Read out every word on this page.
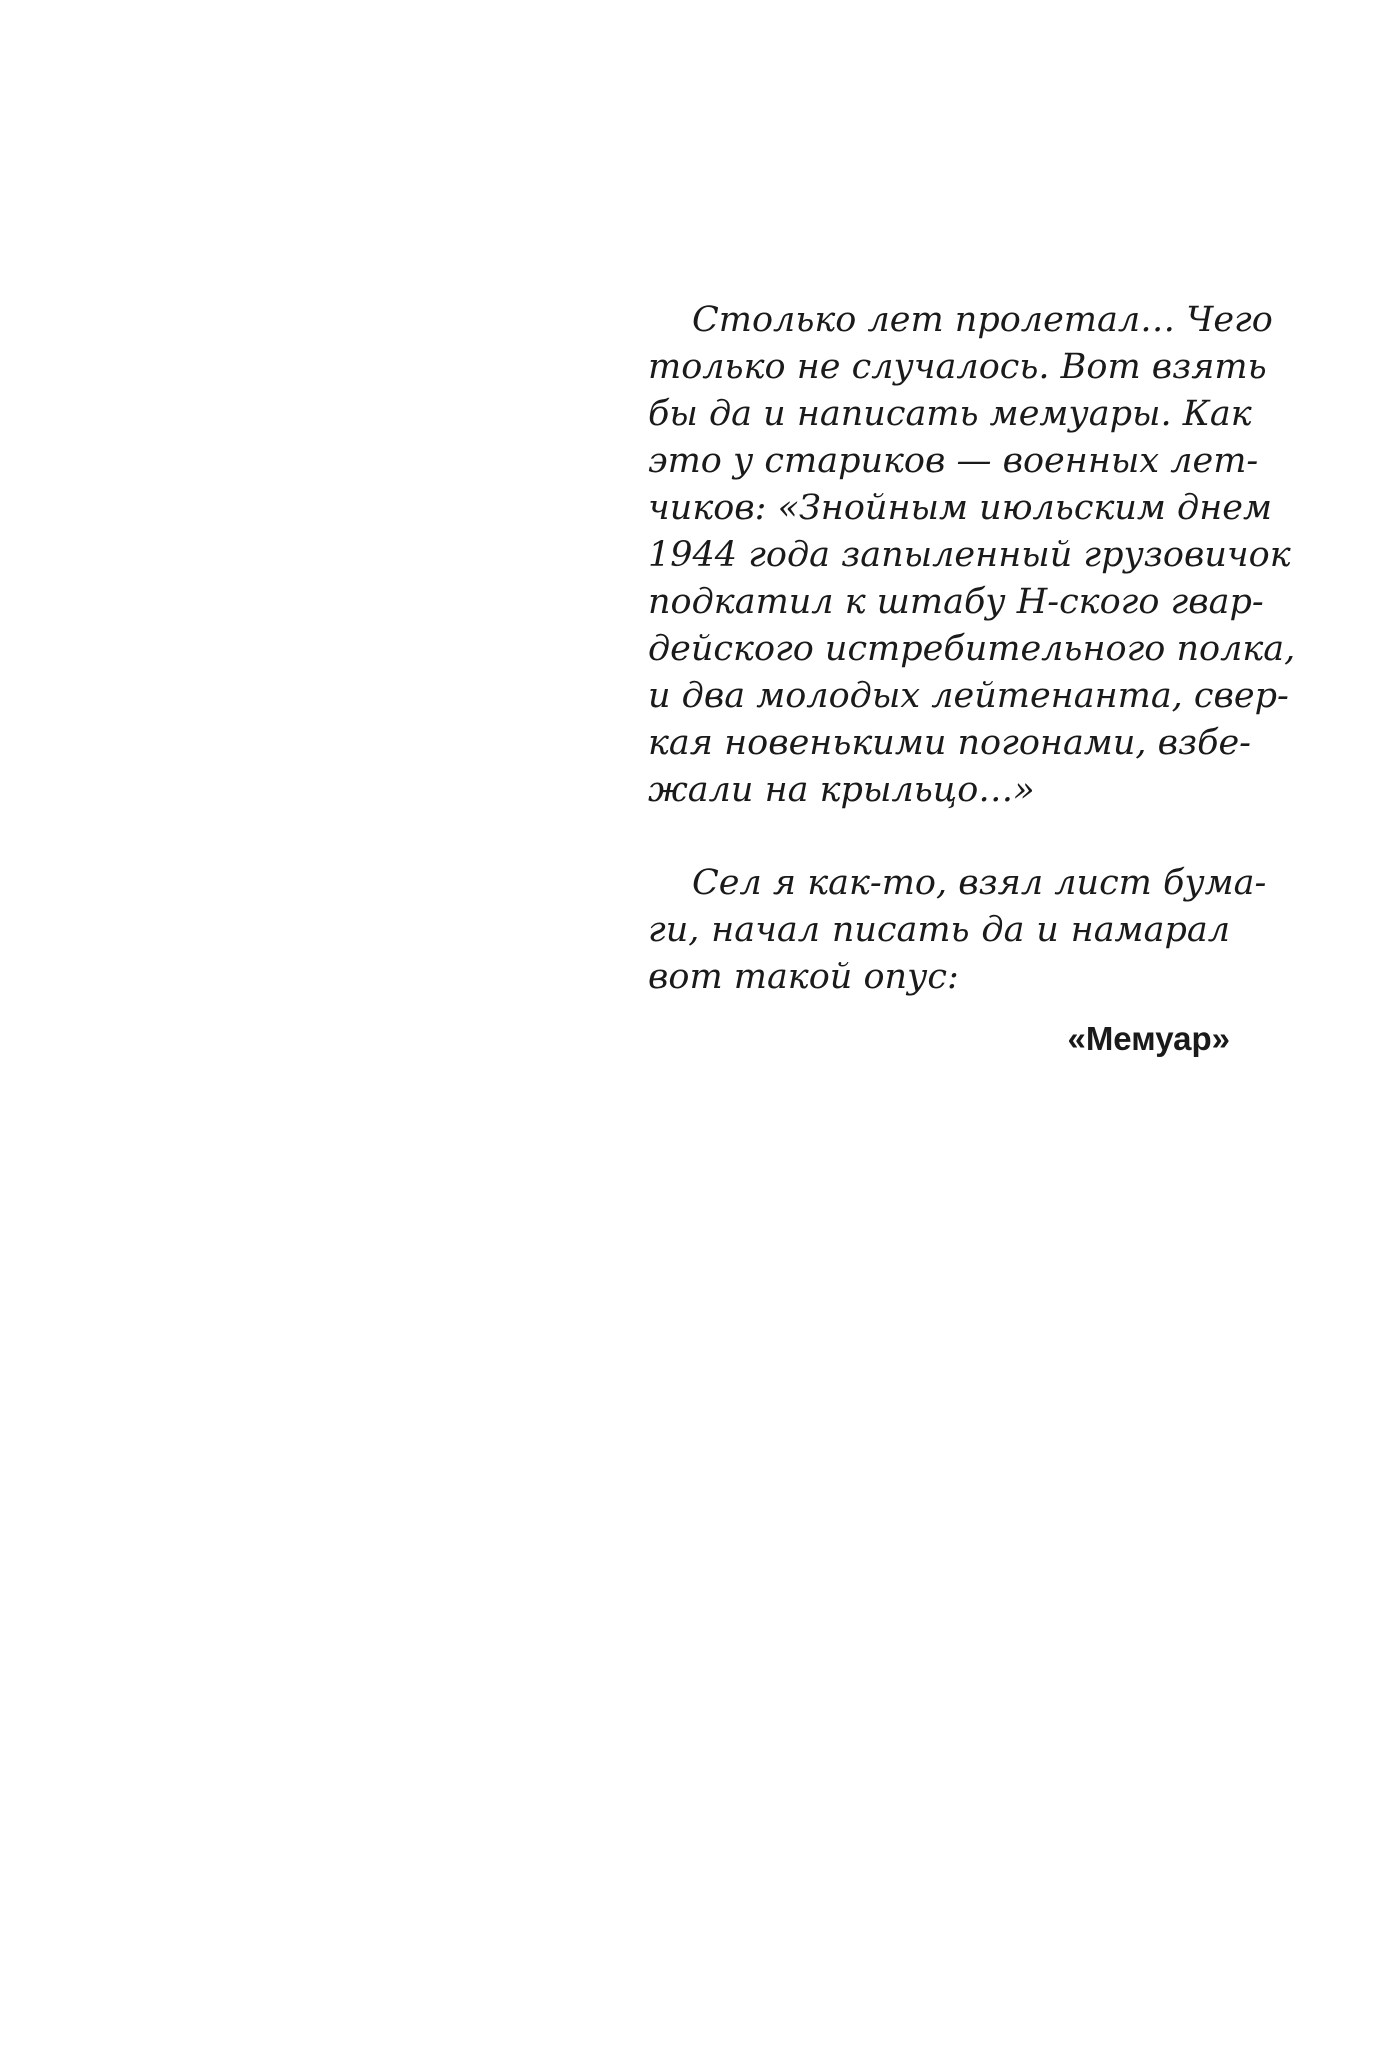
Столько лет пролетал… Чего
только не случалось. Вот взять
бы да и написать мемуары. Как
это у стариков — военных лет-
чиков: «Знойным июльским днем
1944 года запыленный грузовичок
подкатил к штабу Н-ского гвар-
дейского истребительного полка,
и два молодых лейтенанта, свер-
кая новенькими погонами, взбе-
жали на крыльцо…»

Сел я как-то, взял лист бума-
ги, начал писать да и намарал
вот такой опус:

«Мемуар»
